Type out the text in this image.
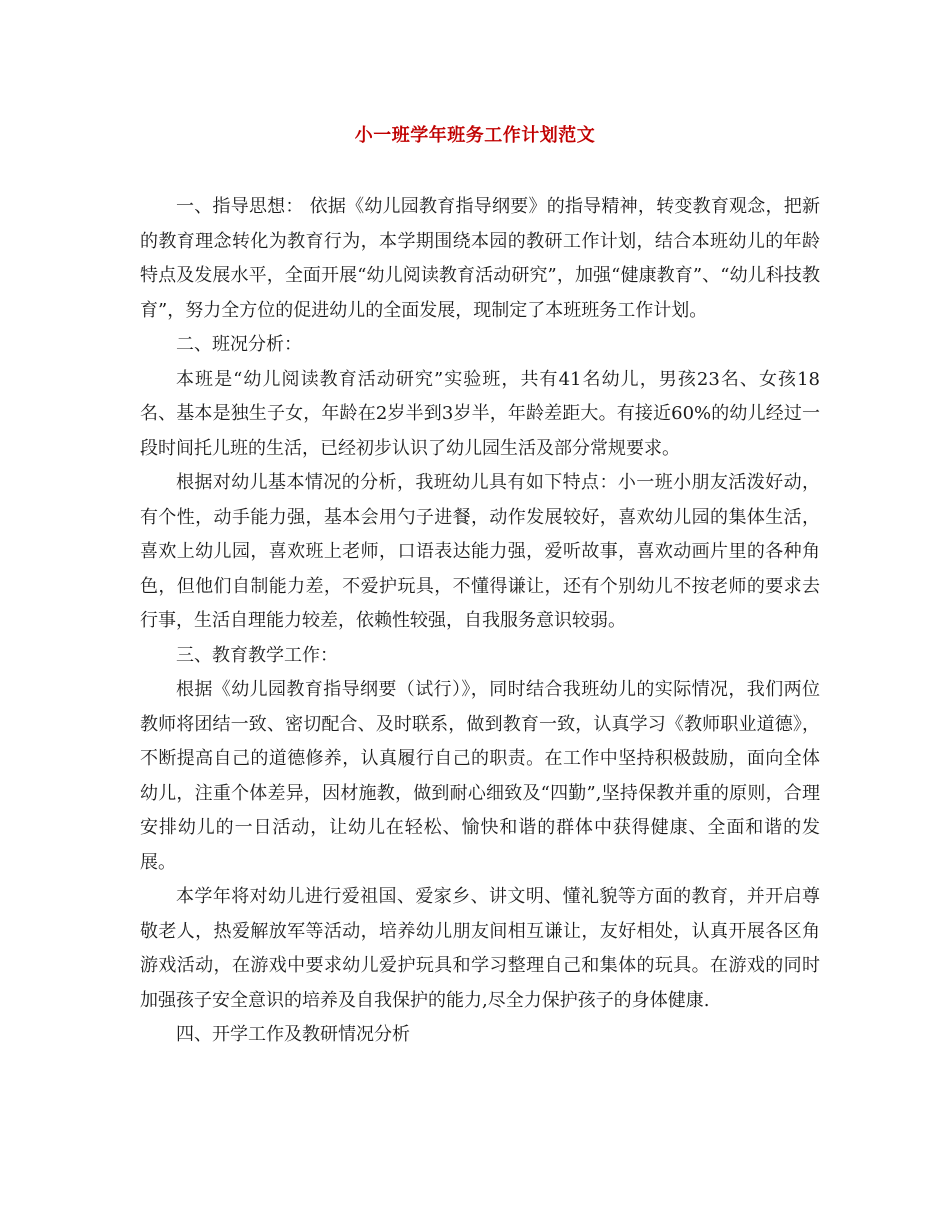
小一班学年班务工作计划范文

一、指导思想： 依据《幼儿园教育指导纲要》的指导精神，转变教育观念，把新的教育理念转化为教育行为，本学期围绕本园的教研工作计划，结合本班幼儿的年龄特点及发展水平，全面开展“幼儿阅读教育活动研究”，加强“健康教育”、“幼儿科技教育”，努力全方位的促进幼儿的全面发展，现制定了本班班务工作计划。

二、班况分析：

本班是“幼儿阅读教育活动研究”实验班，共有41名幼儿，男孩23名、女孩18名、基本是独生子女，年龄在2岁半到3岁半，年龄差距大。有接近60%的幼儿经过一段时间托儿班的生活，已经初步认识了幼儿园生活及部分常规要求。

根据对幼儿基本情况的分析，我班幼儿具有如下特点：小一班小朋友活泼好动，有个性，动手能力强，基本会用勺子进餐，动作发展较好，喜欢幼儿园的集体生活，喜欢上幼儿园，喜欢班上老师，口语表达能力强，爱听故事，喜欢动画片里的各种角色，但他们自制能力差，不爱护玩具，不懂得谦让，还有个别幼儿不按老师的要求去行事，生活自理能力较差，依赖性较强，自我服务意识较弱。

三、教育教学工作：

根据《幼儿园教育指导纲要（试行）》，同时结合我班幼儿的实际情况，我们两位教师将团结一致、密切配合、及时联系，做到教育一致，认真学习《教师职业道德》，不断提高自己的道德修养，认真履行自己的职责。在工作中坚持积极鼓励，面向全体幼儿，注重个体差异，因材施教，做到耐心细致及“四勤”,坚持保教并重的原则，合理安排幼儿的一日活动，让幼儿在轻松、愉快和谐的群体中获得健康、全面和谐的发展。

本学年将对幼儿进行爱祖国、爱家乡、讲文明、懂礼貌等方面的教育，并开启尊敬老人，热爱解放军等活动，培养幼儿朋友间相互谦让，友好相处，认真开展各区角游戏活动，在游戏中要求幼儿爱护玩具和学习整理自己和集体的玩具。在游戏的同时加强孩子安全意识的培养及自我保护的能力,尽全力保护孩子的身体健康.

四、开学工作及教研情况分析
